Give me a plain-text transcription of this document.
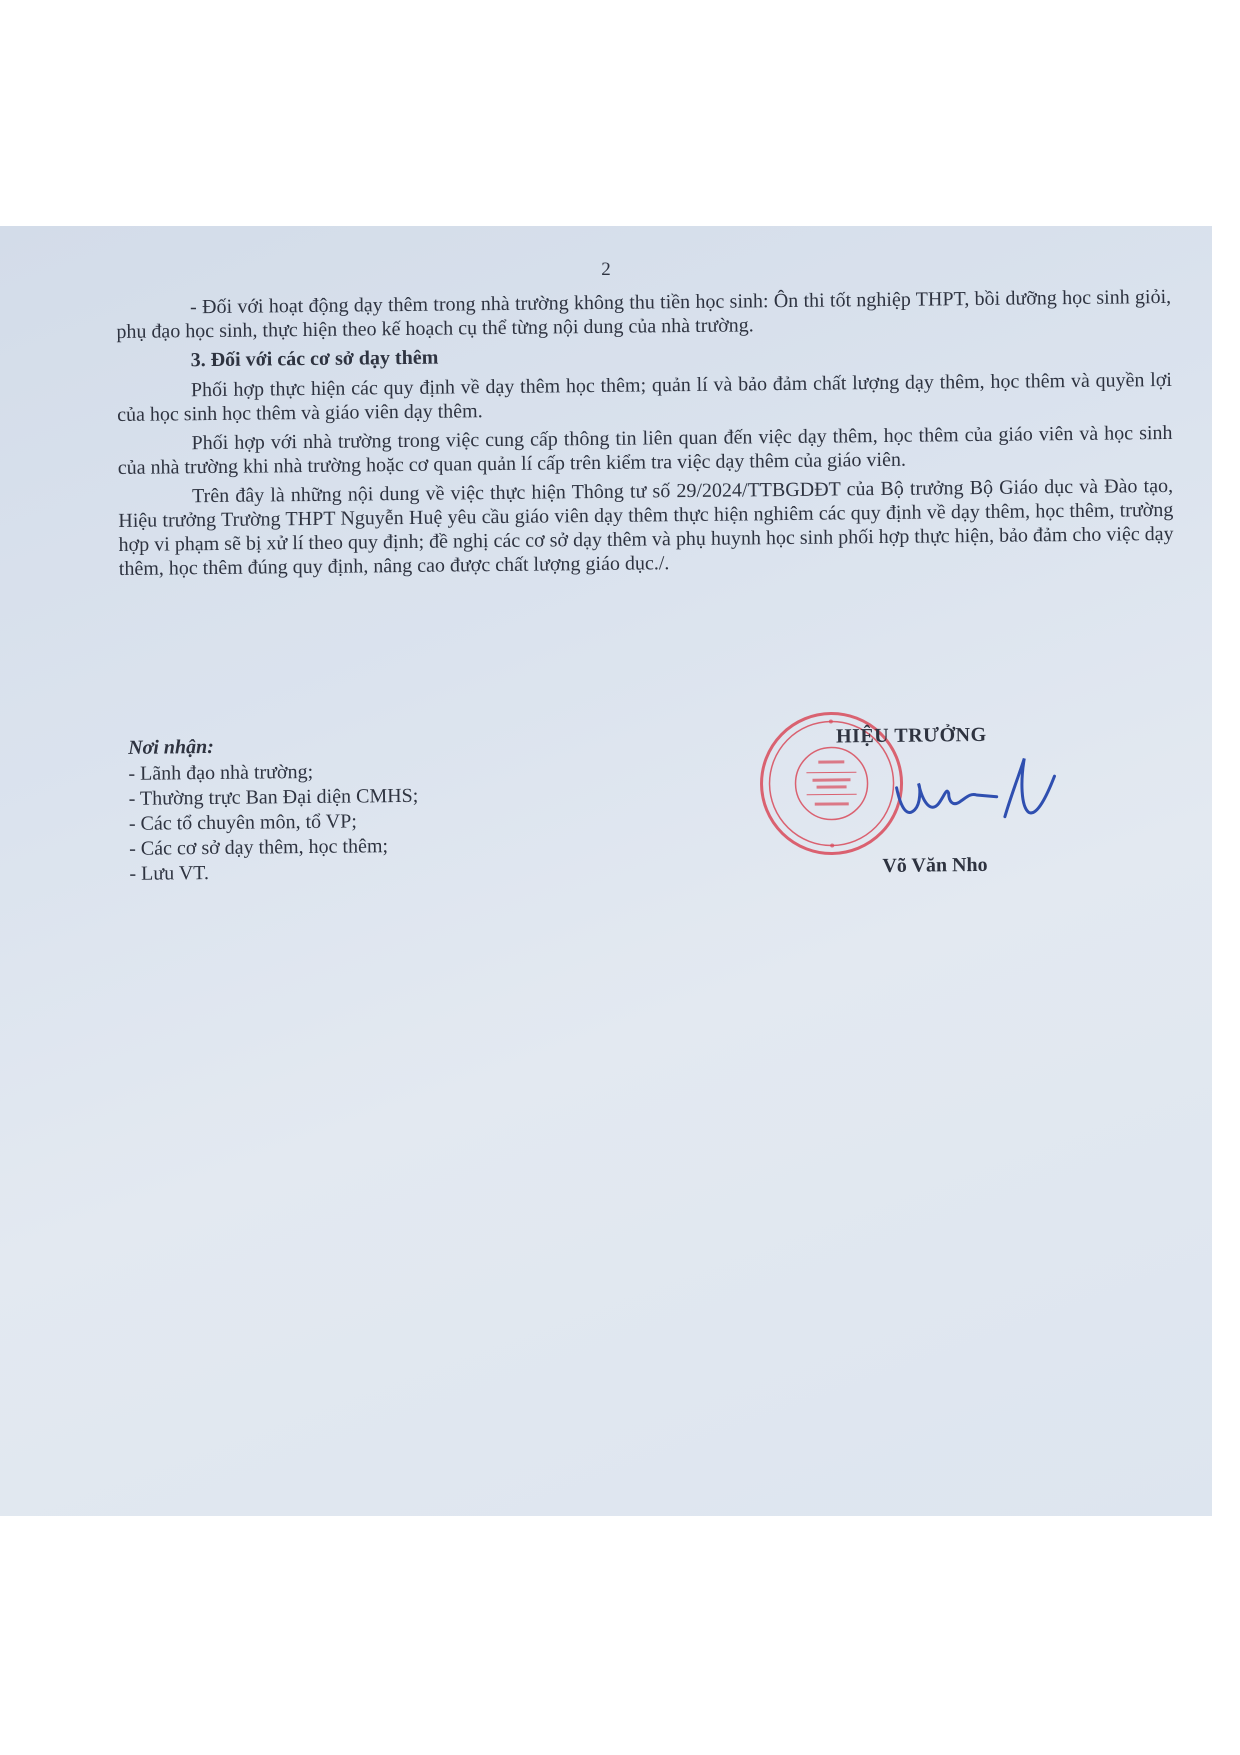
2

- Đối với hoạt động dạy thêm trong nhà trường không thu tiền học sinh: Ôn thi tốt nghiệp THPT, bồi dưỡng học sinh giỏi, phụ đạo học sinh, thực hiện theo kế hoạch cụ thể từng nội dung của nhà trường.

3. Đối với các cơ sở dạy thêm

Phối hợp thực hiện các quy định về dạy thêm học thêm; quản lí và bảo đảm chất lượng dạy thêm, học thêm và quyền lợi của học sinh học thêm và giáo viên dạy thêm.

Phối hợp với nhà trường trong việc cung cấp thông tin liên quan đến việc dạy thêm, học thêm của giáo viên và học sinh của nhà trường khi nhà trường hoặc cơ quan quản lí cấp trên kiểm tra việc dạy thêm của giáo viên.

Trên đây là những nội dung về việc thực hiện Thông tư số 29/2024/TTBGDĐT của Bộ trưởng Bộ Giáo dục và Đào tạo, Hiệu trưởng Trường THPT Nguyễn Huệ yêu cầu giáo viên dạy thêm thực hiện nghiêm các quy định về dạy thêm, học thêm, trường hợp vi phạm sẽ bị xử lí theo quy định; đề nghị các cơ sở dạy thêm và phụ huynh học sinh phối hợp thực hiện, bảo đảm cho việc dạy thêm, học thêm đúng quy định, nâng cao được chất lượng giáo dục./.

Nơi nhận:

- Lãnh đạo nhà trường;

- Thường trực Ban Đại diện CMHS;

- Các tổ chuyên môn, tổ VP;

- Các cơ sở dạy thêm, học thêm;

- Lưu VT.

HIỆU TRƯỞNG
Võ Văn Nho
